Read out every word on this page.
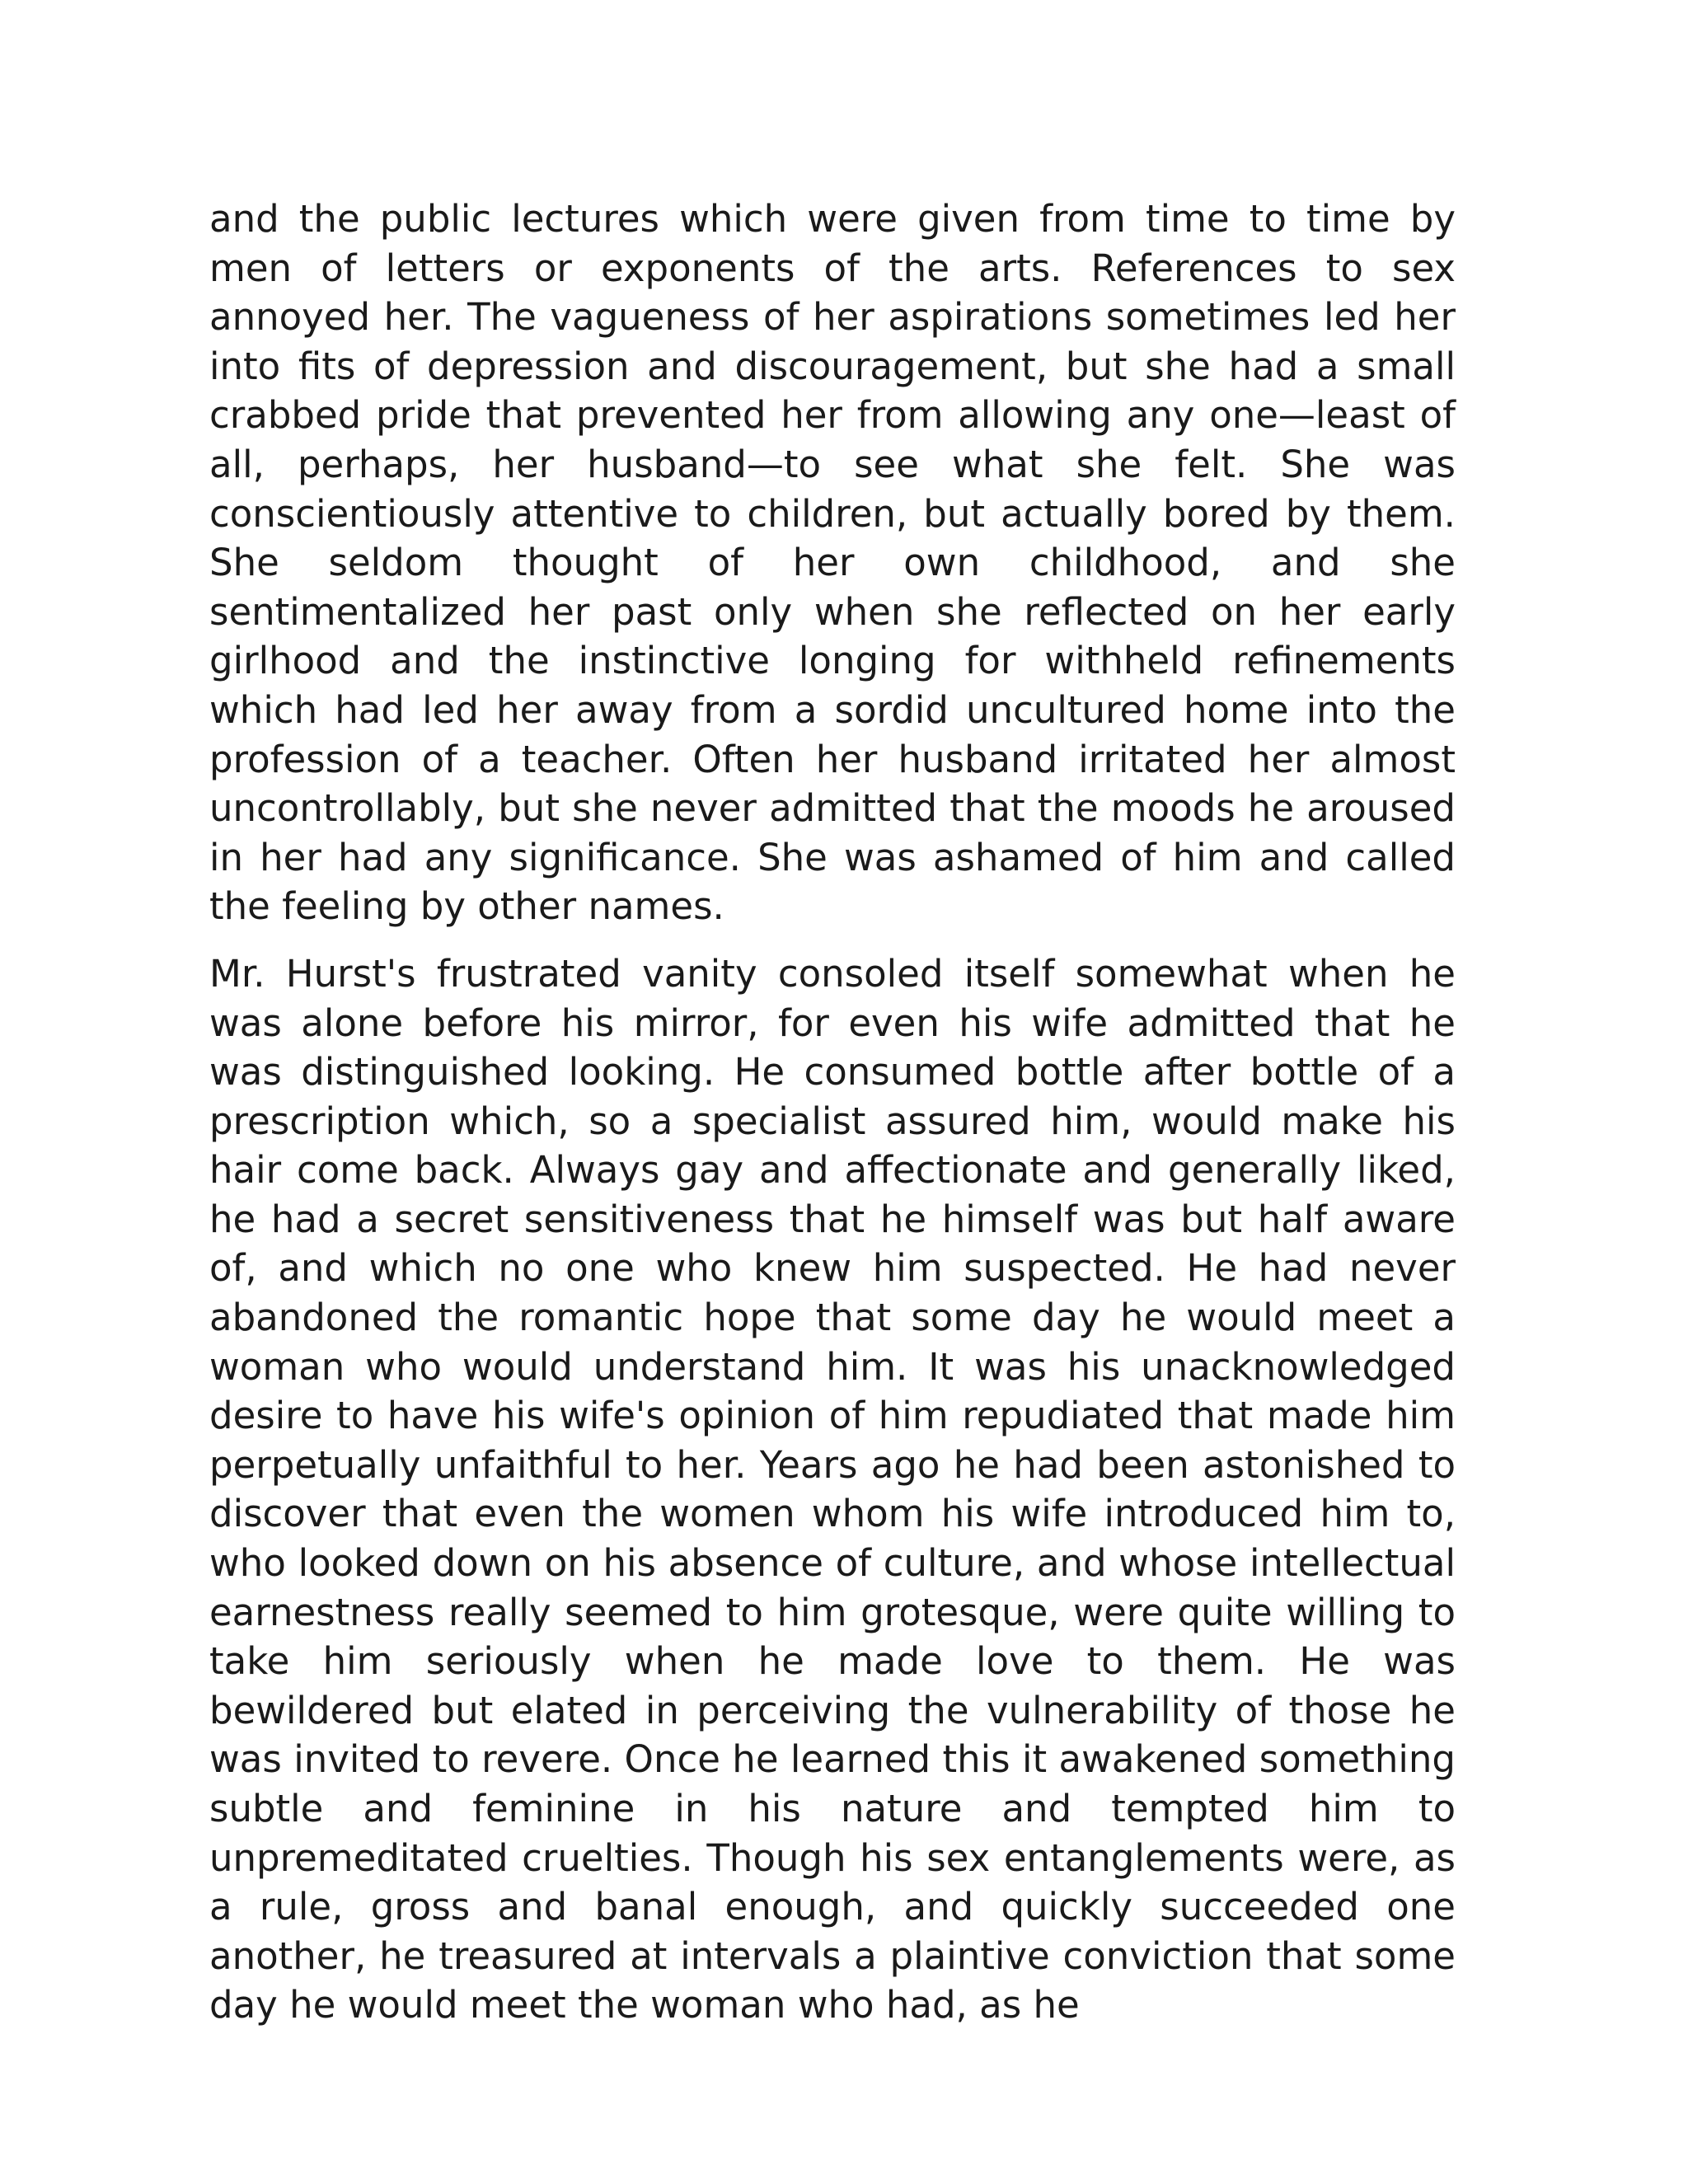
and the public lectures which were given from time to time by men of letters or exponents of the arts. References to sex annoyed her. The vagueness of her aspirations sometimes led her into fits of depression and discouragement, but she had a small crabbed pride that prevented her from allowing any one—least of all, perhaps, her husband—to see what she felt. She was conscientiously attentive to children, but actually bored by them. She seldom thought of her own childhood, and she sentimentalized her past only when she reflected on her early girlhood and the instinctive longing for withheld refinements which had led her away from a sordid uncultured home into the profession of a teacher. Often her husband irritated her almost uncontrollably, but she never admitted that the moods he aroused in her had any significance. She was ashamed of him and called the feeling by other names.

Mr. Hurst's frustrated vanity consoled itself somewhat when he was alone before his mirror, for even his wife admitted that he was distinguished looking. He consumed bottle after bottle of a prescription which, so a specialist assured him, would make his hair come back. Always gay and affectionate and generally liked, he had a secret sensitiveness that he himself was but half aware of, and which no one who knew him suspected. He had never abandoned the romantic hope that some day he would meet a woman who would understand him. It was his unacknowledged desire to have his wife's opinion of him repudiated that made him perpetually unfaithful to her. Years ago he had been astonished to discover that even the women whom his wife introduced him to, who looked down on his absence of culture, and whose intellectual earnestness really seemed to him grotesque, were quite willing to take him seriously when he made love to them. He was bewildered but elated in perceiving the vulnerability of those he was invited to revere. Once he learned this it awakened something subtle and feminine in his nature and tempted him to unpremeditated cruelties. Though his sex entanglements were, as a rule, gross and banal enough, and quickly succeeded one another, he treasured at intervals a plaintive conviction that some day he would meet the woman who had, as he
